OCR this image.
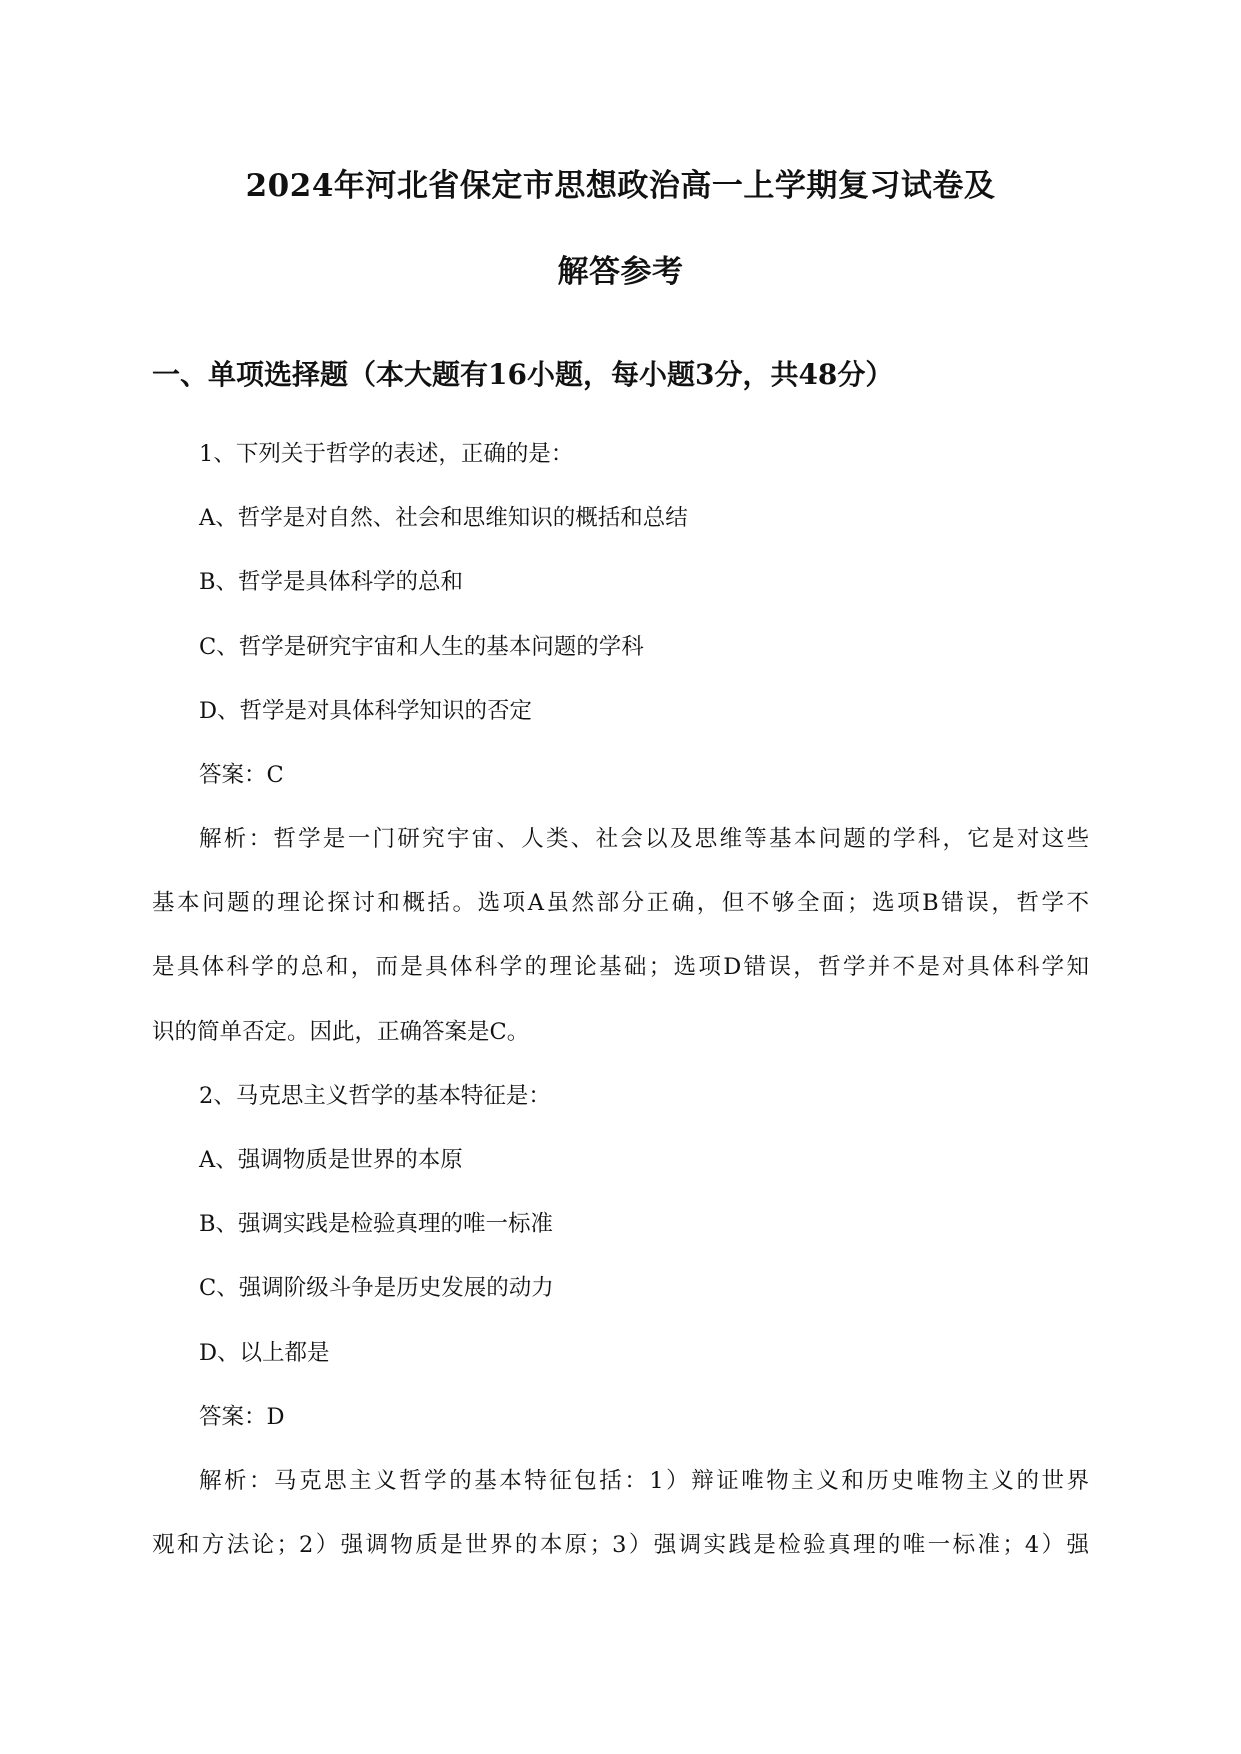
2024年河北省保定市思想政治高一上学期复习试卷及
解答参考
一、单项选择题（本大题有16小题，每小题3分，共48分）
1、下列关于哲学的表述，正确的是：
A、哲学是对自然、社会和思维知识的概括和总结
B、哲学是具体科学的总和
C、哲学是研究宇宙和人生的基本问题的学科
D、哲学是对具体科学知识的否定
答案：C
解析：哲学是一门研究宇宙、人类、社会以及思维等基本问题的学科，它是对这些
基本问题的理论探讨和概括。选项A虽然部分正确，但不够全面；选项B错误，哲学不
是具体科学的总和，而是具体科学的理论基础；选项D错误，哲学并不是对具体科学知
识的简单否定。因此，正确答案是C。
2、马克思主义哲学的基本特征是：
A、强调物质是世界的本原
B、强调实践是检验真理的唯一标准
C、强调阶级斗争是历史发展的动力
D、以上都是
答案：D
解析：马克思主义哲学的基本特征包括：1）辩证唯物主义和历史唯物主义的世界
观和方法论；2）强调物质是世界的本原；3）强调实践是检验真理的唯一标准；4）强
